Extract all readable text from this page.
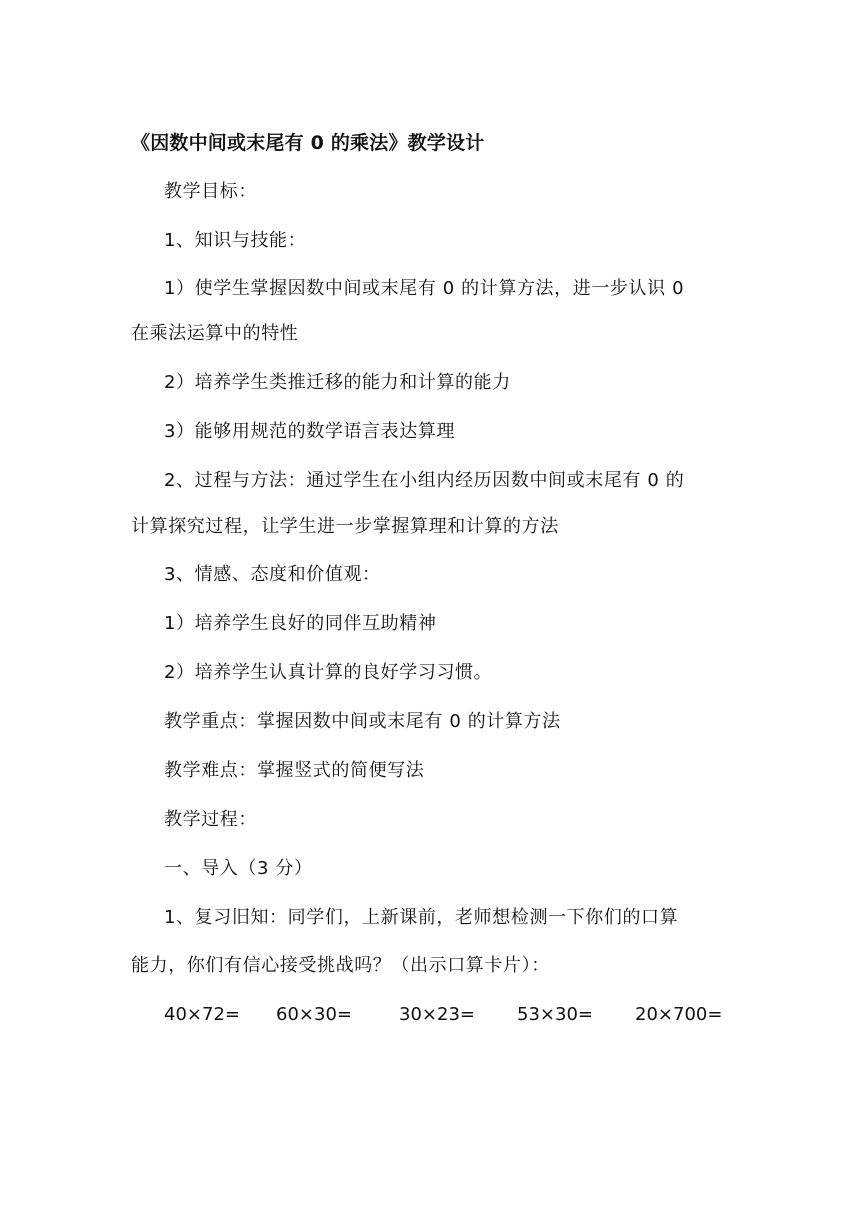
《因数中间或末尾有 0 的乘法》教学设计
教学目标：
1、知识与技能：
1）使学生掌握因数中间或末尾有 0 的计算方法，进一步认识 0
在乘法运算中的特性
2）培养学生类推迁移的能力和计算的能力
3）能够用规范的数学语言表达算理
2、过程与方法：通过学生在小组内经历因数中间或末尾有 0 的
计算探究过程，让学生进一步掌握算理和计算的方法
3、情感、态度和价值观：
1）培养学生良好的同伴互助精神
2）培养学生认真计算的良好学习习惯。
教学重点：掌握因数中间或末尾有 0 的计算方法
教学难点：掌握竖式的简便写法
教学过程：
一、导入（3 分）
1、复习旧知：同学们，上新课前，老师想检测一下你们的口算
能力，你们有信心接受挑战吗？（出示口算卡片）：
40×72= 60×30=	30×23= 53×30= 20×700=
